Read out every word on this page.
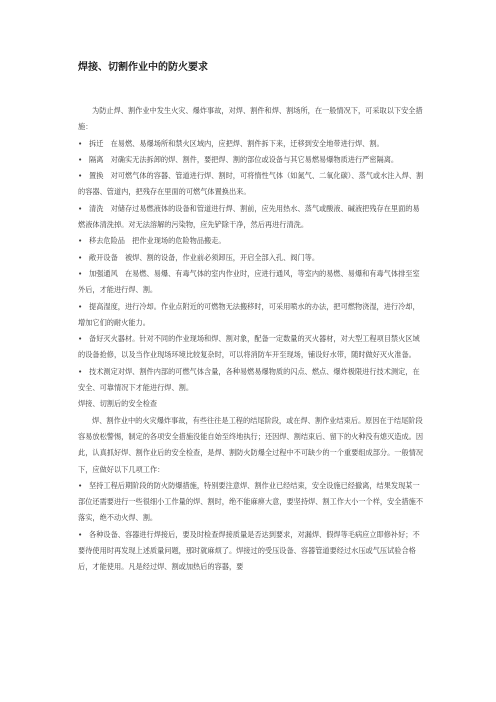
焊接、切割作业中的防火要求

为防止焊、割作业中发生火灾、爆炸事故，对焊、割件和焊、割场所，在一般情况下，可采取以下安全措施：

• 拆迁　在易燃、易爆场所和禁火区域内，应把焊、割件拆下来，迁移到安全地带进行焊、割。

• 隔离　对确实无法拆卸的焊、割件，要把焊、割的部位或设备与其它易燃易爆物质进行严密隔离。

• 置换　对可燃气体的容器、管道进行焊、割时，可将惰性气体（如氮气、二氧化碳）、蒸气或水注入焊、割的容器、管道内，把残存在里面的可燃气体置换出来。

• 清洗　对储存过易燃液体的设备和管道进行焊、割前，应先用热水、蒸气或酸液、碱液把残存在里面的易燃液体清洗掉。对无法溶解的污染物，应先铲除干净，然后再进行清洗。

• 移去危险品　把作业现场的危险物品搬走。

• 敞开设备　被焊、割的设备，作业前必须卸压，开启全部入孔、阀门等。

• 加强通风　在易燃、易爆、有毒气体的室内作业时，应进行通风，等室内的易燃、易爆和有毒气体排至室外后，才能进行焊、割。

• 提高湿度，进行冷却。作业点附近的可燃物无法搬移时，可采用喷水的办法，把可燃物浇湿，进行冷却，增加它们的耐火能力。

• 备好灭火器材。针对不同的作业现场和焊、割对象，配备一定数量的灭火器材，对大型工程项目禁火区域的设备抢修，以及当作业现场环境比较复杂时，可以将消防车开至现场，铺设好水带，随时做好灭火准备。

• 技术测定对焊、割件内部的可燃气体含量，各种易燃易爆物质的闪点、燃点、爆炸极限进行技术测定，在安全、可靠情况下才能进行焊、割。

焊接、切割后的安全检查

焊、割作业中的火灾爆炸事故，有些往往是工程的结尾阶段，或在焊、割作业结束后。原因在于结尾阶段容易放松警惕，制定的各项安全措施没能自始至终地执行；还因焊、割结束后、留下的火种没有熄灭造成。因此，认真抓好焊、割作业后的安全检查，是焊、割防火防爆全过程中不可缺少的一个重要组成部分。一般情况下，应做好以下几项工作：

• 坚持工程后期阶段的防火防爆措施，特别要注意焊、割作业已经结束，安全设施已经撤离，结果发现某一部位还需要进行一些很细小工作量的焊、割时，绝不能麻痹大意，要坚持焊、割工作大小一个样，安全措施不落实，绝不动火焊、割。

• 各种设备、容器进行焊接后，要及时检查焊接质量是否达到要求，对漏焊、假焊等毛病应立即修补好；不要待使用时再发现上述质量问题，那时就麻烦了。焊接过的受压设备、容器管道要经过水压或气压试验合格后，才能使用。凡是经过焊、割或加热后的容器，要
